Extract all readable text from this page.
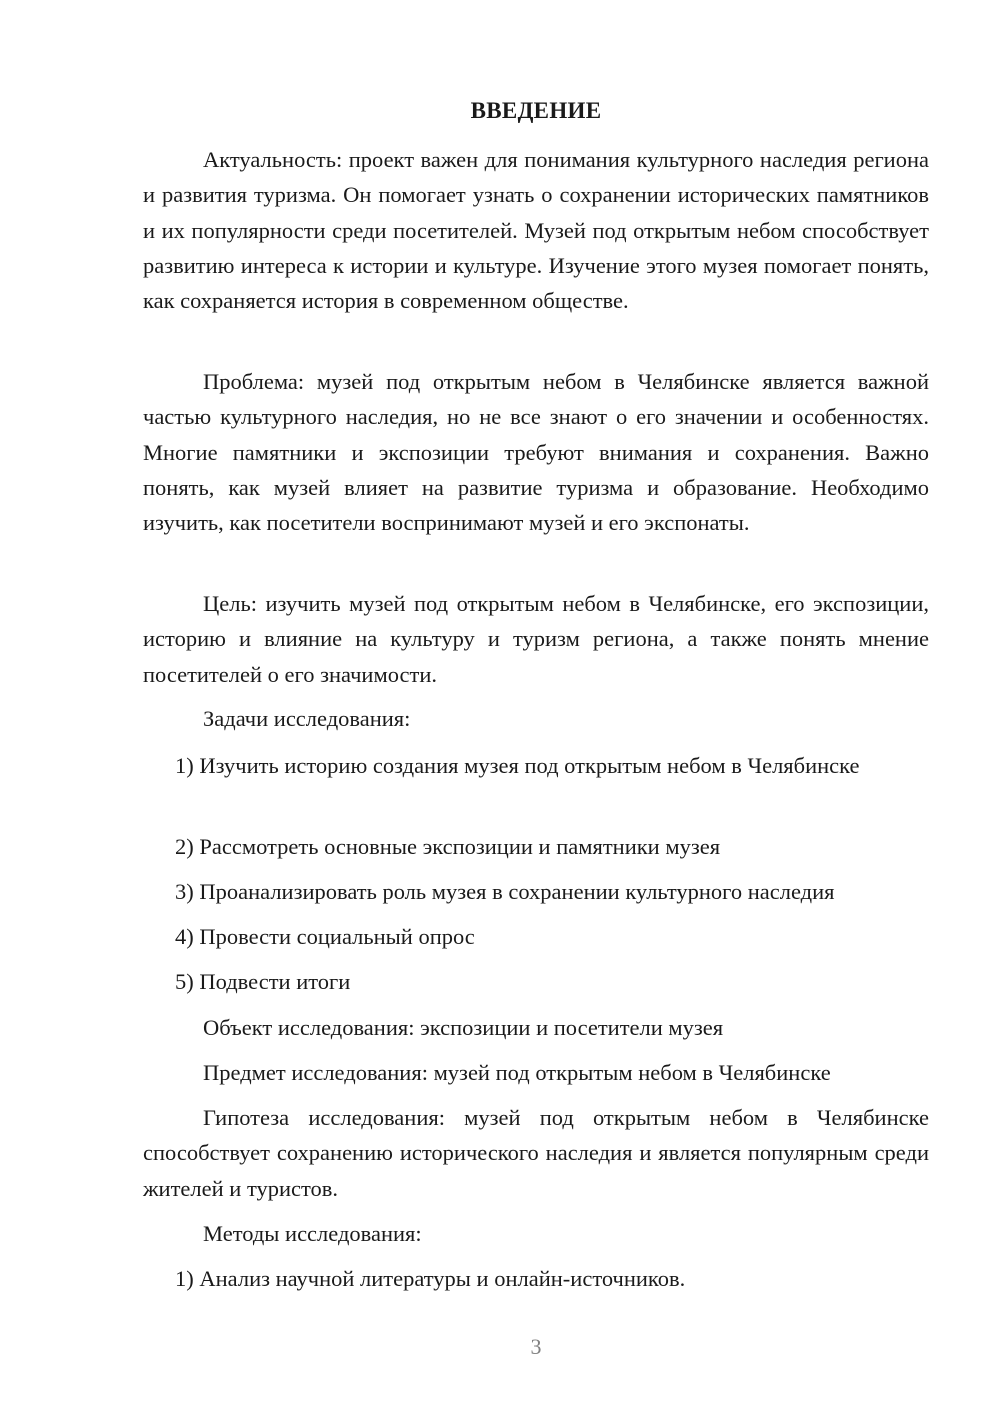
ВВЕДЕНИЕ

Актуальность: проект важен для понимания культурного наследия региона и развития туризма. Он помогает узнать о сохранении исторических памятников и их популярности среди посетителей. Музей под открытым небом способствует развитию интереса к истории и культуре. Изучение этого музея помогает понять, как сохраняется история в современном обществе.

Проблема: музей под открытым небом в Челябинске является важной частью культурного наследия, но не все знают о его значении и особенностях. Многие памятники и экспозиции требуют внимания и сохранения. Важно понять, как музей влияет на развитие туризма и образование. Необходимо изучить, как посетители воспринимают музей и его экспонаты.

Цель: изучить музей под открытым небом в Челябинске, его экспозиции, историю и влияние на культуру и туризм региона, а также понять мнение посетителей о его значимости.

Задачи исследования:

1) Изучить историю создания музея под открытым небом в Челябинске

2) Рассмотреть основные экспозиции и памятники музея

3) Проанализировать роль музея в сохранении культурного наследия

4) Провести социальный опрос

5) Подвести итоги

Объект исследования: экспозиции и посетители музея

Предмет исследования: музей под открытым небом в Челябинске

Гипотеза исследования: музей под открытым небом в Челябинске способствует сохранению исторического наследия и является популярным среди жителей и туристов.

Методы исследования:

1) Анализ научной литературы и онлайн-источников.

3
